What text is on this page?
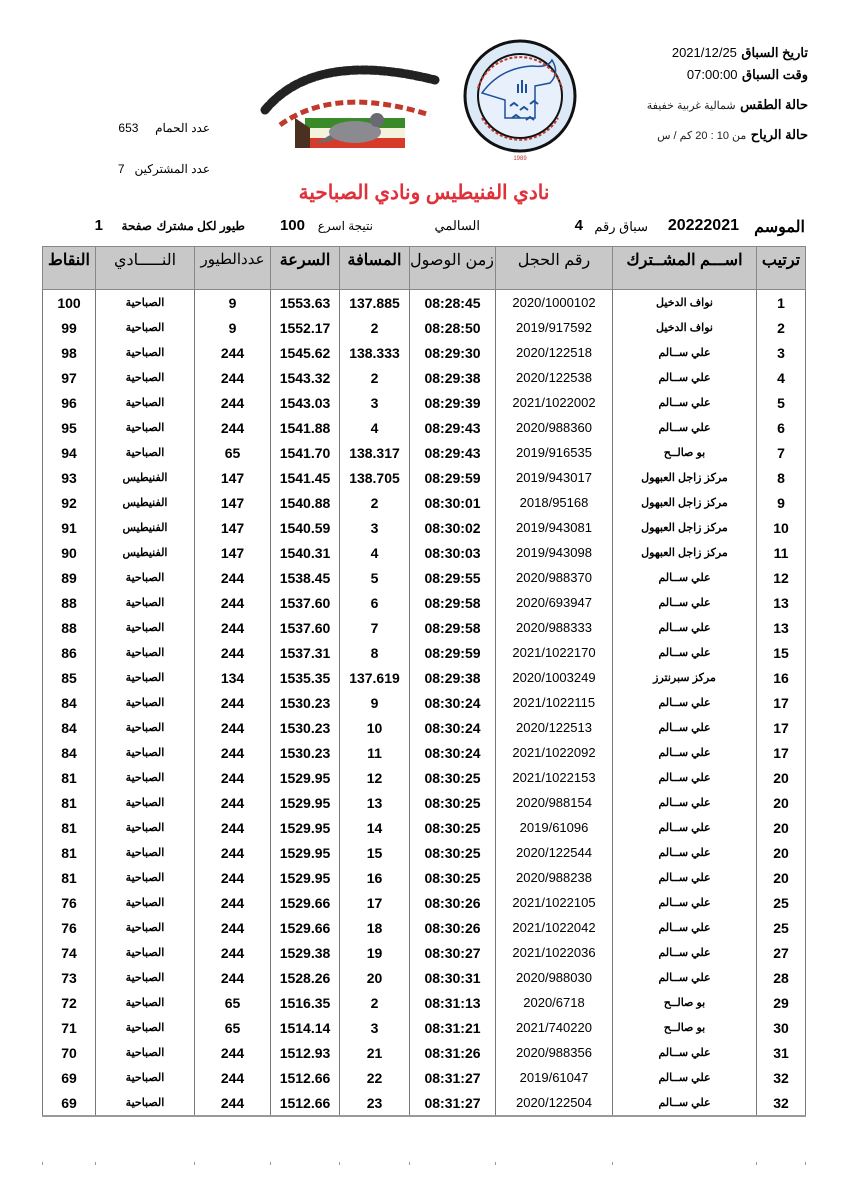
تاريخ السباق 2021/12/25
وقت السباق 07:00:00
حالة الطقس شمالية غربية خفيفة
حالة الرياح من 10 : 20 كم / س
عدد الحمام     653
عدد المشتركين   7
1989
نادي الفنيطيس ونادي الصباحية
الموسم
20222021
سباق رقم
4
السالمي
نتيجة اسرع
100
طيور لكل مشترك
صفحة
1
ترتيب	اســـم المشــترك	رقم الحجل	زمن الوصول	المسافة	السرعة	عددالطيور	النـــــادي	النقاط
1	نواف الدخيل	2020/1000102	08:28:45	137.885	1553.63	9	الصباحية	100
2	نواف الدخيل	2019/917592	08:28:50	2	1552.17	9	الصباحية	99
3	علي ســالم	2020/122518	08:29:30	138.333	1545.62	244	الصباحية	98
4	علي ســالم	2020/122538	08:29:38	2	1543.32	244	الصباحية	97
5	علي ســالم	2021/1022002	08:29:39	3	1543.03	244	الصباحية	96
6	علي ســالم	2020/988360	08:29:43	4	1541.88	244	الصباحية	95
7	بو صالــح	2019/916535	08:29:43	138.317	1541.70	65	الصباحية	94
8	مركز زاجل العبهول	2019/943017	08:29:59	138.705	1541.45	147	الفنيطيس	93
9	مركز زاجل العبهول	2018/95168	08:30:01	2	1540.88	147	الفنيطيس	92
10	مركز زاجل العبهول	2019/943081	08:30:02	3	1540.59	147	الفنيطيس	91
11	مركز زاجل العبهول	2019/943098	08:30:03	4	1540.31	147	الفنيطيس	90
12	علي ســالم	2020/988370	08:29:55	5	1538.45	244	الصباحية	89
13	علي ســالم	2020/693947	08:29:58	6	1537.60	244	الصباحية	88
13	علي ســالم	2020/988333	08:29:58	7	1537.60	244	الصباحية	88
15	علي ســالم	2021/1022170	08:29:59	8	1537.31	244	الصباحية	86
16	مركز سبرنترز	2020/1003249	08:29:38	137.619	1535.35	134	الصباحية	85
17	علي ســالم	2021/1022115	08:30:24	9	1530.23	244	الصباحية	84
17	علي ســالم	2020/122513	08:30:24	10	1530.23	244	الصباحية	84
17	علي ســالم	2021/1022092	08:30:24	11	1530.23	244	الصباحية	84
20	علي ســالم	2021/1022153	08:30:25	12	1529.95	244	الصباحية	81
20	علي ســالم	2020/988154	08:30:25	13	1529.95	244	الصباحية	81
20	علي ســالم	2019/61096	08:30:25	14	1529.95	244	الصباحية	81
20	علي ســالم	2020/122544	08:30:25	15	1529.95	244	الصباحية	81
20	علي ســالم	2020/988238	08:30:25	16	1529.95	244	الصباحية	81
25	علي ســالم	2021/1022105	08:30:26	17	1529.66	244	الصباحية	76
25	علي ســالم	2021/1022042	08:30:26	18	1529.66	244	الصباحية	76
27	علي ســالم	2021/1022036	08:30:27	19	1529.38	244	الصباحية	74
28	علي ســالم	2020/988030	08:30:31	20	1528.26	244	الصباحية	73
29	بو صالــح	2020/6718	08:31:13	2	1516.35	65	الصباحية	72
30	بو صالــح	2021/740220	08:31:21	3	1514.14	65	الصباحية	71
31	علي ســالم	2020/988356	08:31:26	21	1512.93	244	الصباحية	70
32	علي ســالم	2019/61047	08:31:27	22	1512.66	244	الصباحية	69
32	علي ســالم	2020/122504	08:31:27	23	1512.66	244	الصباحية	69
